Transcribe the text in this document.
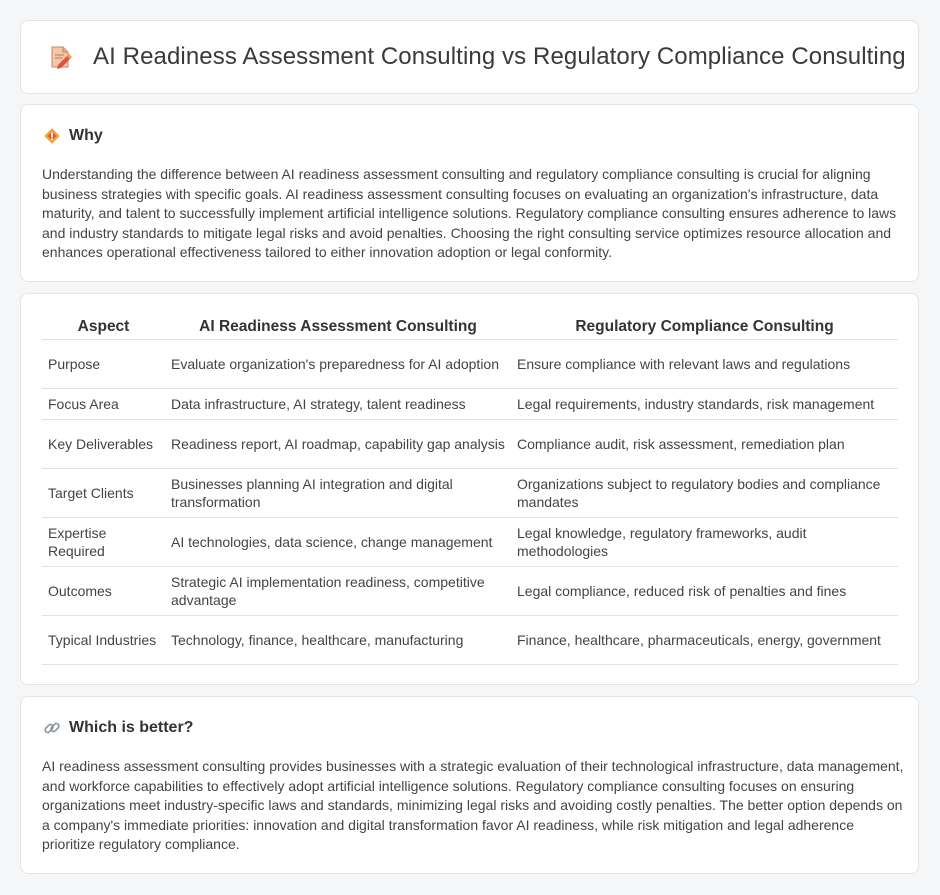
AI Readiness Assessment Consulting vs Regulatory Compliance Consulting
Why

Understanding the difference between AI readiness assessment consulting and regulatory compliance consulting is crucial for aligning business strategies with specific goals. AI readiness assessment consulting focuses on evaluating an organization's infrastructure, data maturity, and talent to successfully implement artificial intelligence solutions. Regulatory compliance consulting ensures adherence to laws and industry standards to mitigate legal risks and avoid penalties. Choosing the right consulting service optimizes resource allocation and enhances operational effectiveness tailored to either innovation adoption or legal conformity.

Aspect	AI Readiness Assessment Consulting	Regulatory Compliance Consulting
Purpose	Evaluate organization's preparedness for AI adoption	Ensure compliance with relevant laws and regulations
Focus Area	Data infrastructure, AI strategy, talent readiness	Legal requirements, industry standards, risk management
Key Deliverables	Readiness report, AI roadmap, capability gap analysis	Compliance audit, risk assessment, remediation plan
Target Clients	Businesses planning AI integration and digital transformation	Organizations subject to regulatory bodies and compliance mandates
Expertise Required	AI technologies, data science, change management	Legal knowledge, regulatory frameworks, audit methodologies
Outcomes	Strategic AI implementation readiness, competitive advantage	Legal compliance, reduced risk of penalties and fines
Typical Industries	Technology, finance, healthcare, manufacturing	Finance, healthcare, pharmaceuticals, energy, government
Which is better?

AI readiness assessment consulting provides businesses with a strategic evaluation of their technological infrastructure, data management, and workforce capabilities to effectively adopt artificial intelligence solutions. Regulatory compliance consulting focuses on ensuring organizations meet industry-specific laws and standards, minimizing legal risks and avoiding costly penalties. The better option depends on a company's immediate priorities: innovation and digital transformation favor AI readiness, while risk mitigation and legal adherence prioritize regulatory compliance.
